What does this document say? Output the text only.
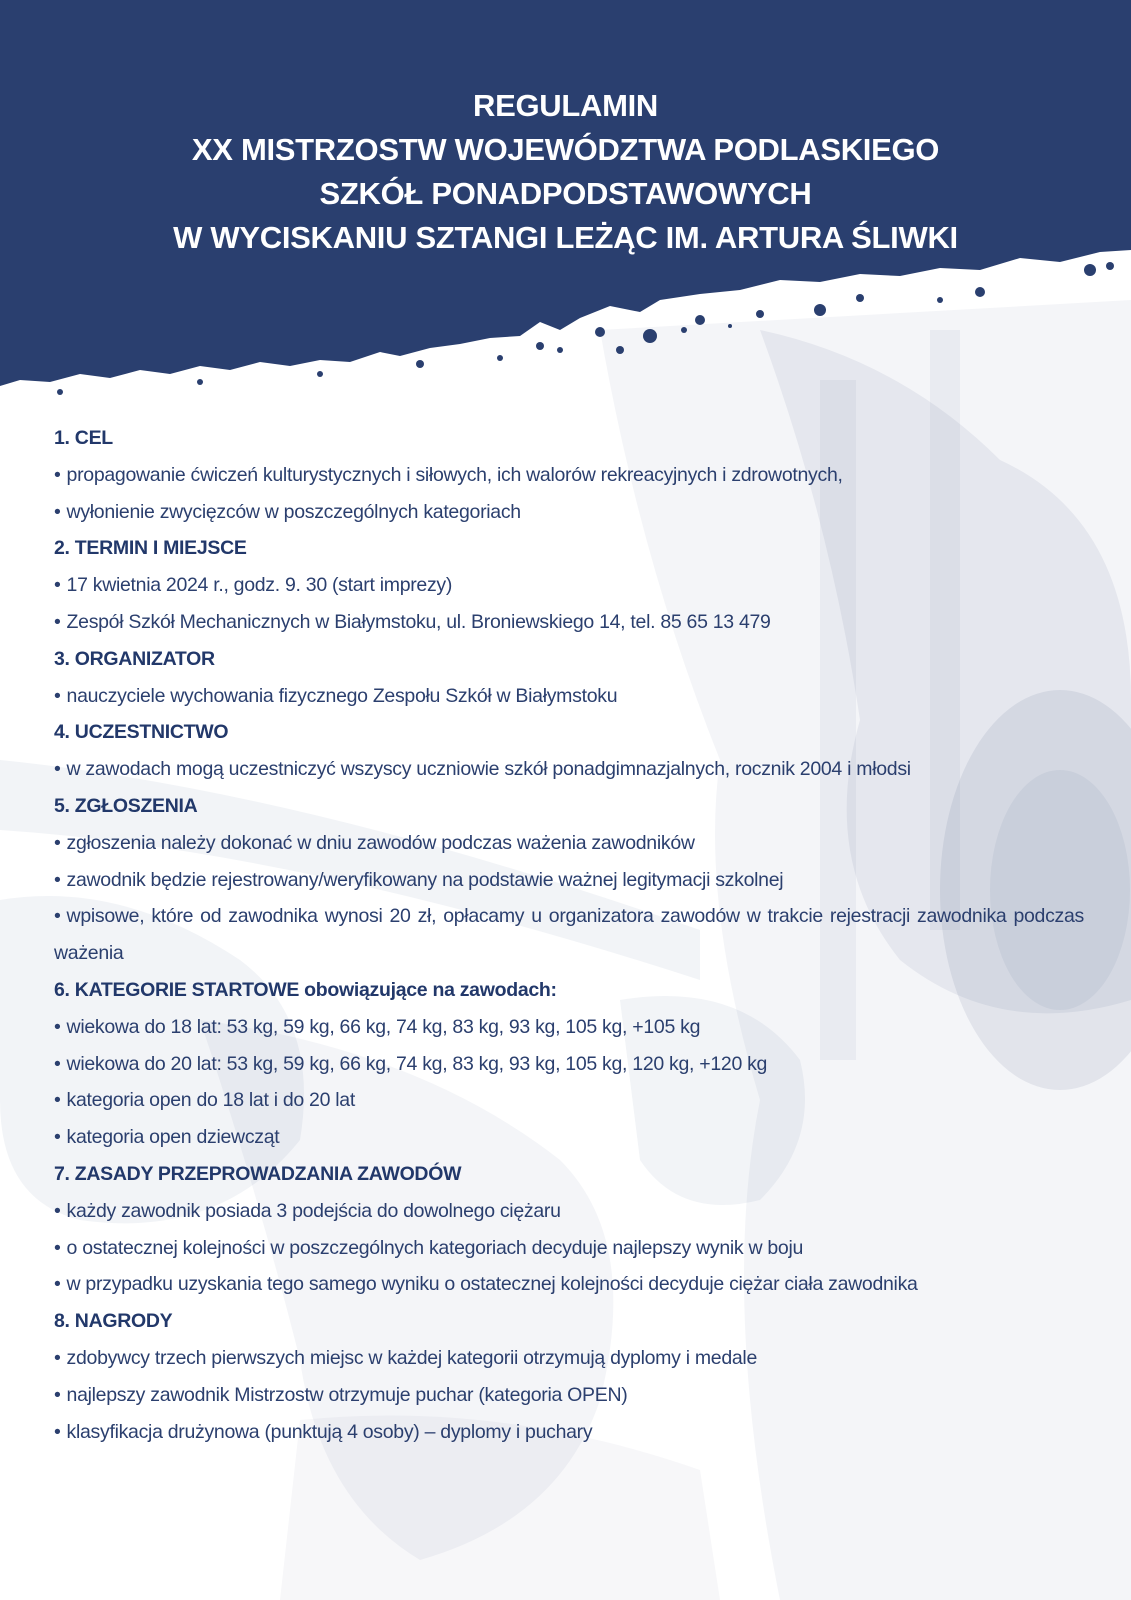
REGULAMIN
XX MISTRZOSTW WOJEWÓDZTWA PODLASKIEGO
SZKÓŁ PONADPODSTAWOWYCH
W WYCISKANIU SZTANGI LEŻĄC IM. ARTURA ŚLIWKI
1. CEL
• propagowanie ćwiczeń kulturystycznych i siłowych, ich walorów rekreacyjnych i zdrowotnych,
• wyłonienie zwycięzców w poszczególnych kategoriach
2. TERMIN I MIEJSCE
• 17 kwietnia 2024 r., godz. 9. 30 (start imprezy)
• Zespół Szkół Mechanicznych w Białymstoku, ul. Broniewskiego 14, tel. 85 65 13 479
3. ORGANIZATOR
• nauczyciele wychowania fizycznego Zespołu Szkół w Białymstoku
4. UCZESTNICTWO
• w zawodach mogą uczestniczyć wszyscy uczniowie szkół ponadgimnazjalnych, rocznik 2004 i młodsi
5. ZGŁOSZENIA
• zgłoszenia należy dokonać w dniu zawodów podczas ważenia zawodników
• zawodnik będzie rejestrowany/weryfikowany na podstawie ważnej legitymacji szkolnej
• wpisowe, które od zawodnika wynosi 20 zł, opłacamy u organizatora zawodów w trakcie rejestracji zawodnika podczas ważenia
6. KATEGORIE STARTOWE obowiązujące na zawodach:
• wiekowa do 18 lat: 53 kg, 59 kg, 66 kg, 74 kg, 83 kg, 93 kg, 105 kg, +105 kg
• wiekowa do 20 lat: 53 kg, 59 kg, 66 kg, 74 kg, 83 kg, 93 kg, 105 kg, 120 kg, +120 kg
• kategoria open do 18 lat i do 20 lat
• kategoria open dziewcząt
7. ZASADY PRZEPROWADZANIA ZAWODÓW
• każdy zawodnik posiada 3 podejścia do dowolnego ciężaru
• o ostatecznej kolejności w poszczególnych kategoriach decyduje najlepszy wynik w boju
• w przypadku uzyskania tego samego wyniku o ostatecznej kolejności decyduje ciężar ciała zawodnika
8. NAGRODY
• zdobywcy trzech pierwszych miejsc w każdej kategorii otrzymują dyplomy i medale
• najlepszy zawodnik Mistrzostw otrzymuje puchar (kategoria OPEN)
• klasyfikacja drużynowa (punktują 4 osoby) – dyplomy i puchary
